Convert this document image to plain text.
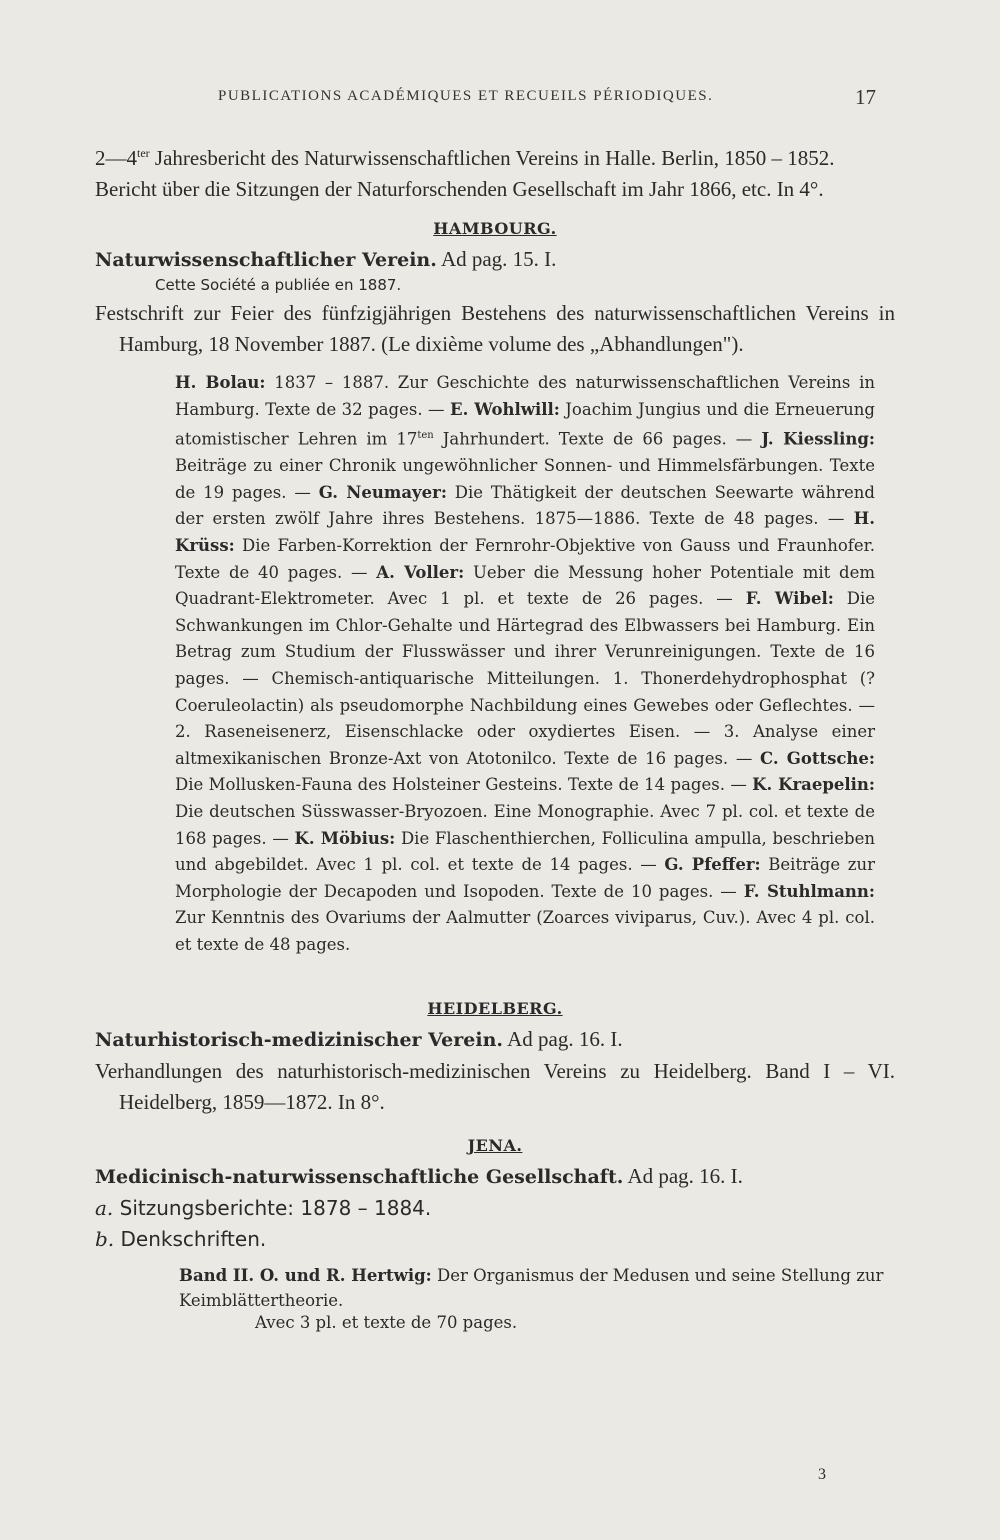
PUBLICATIONS ACADÉMIQUES ET RECUEILS PÉRIODIQUES.	17

$2—4^{ter}$ Jahresbericht des Naturwissenschaftlichen Vereins in Halle. Berlin, 1850 – 1852.

Bericht über die Sitzungen der Naturforschenden Gesellschaft im Jahr 1866, etc. In 4°.

HAMBOURG.

Naturwissenschaftlicher Verein. Ad pag. 15. I.

Cette Société a publiée en 1887.

Festschrift zur Feier des fünfzigjährigen Bestehens des naturwissenschaftlichen Vereins in Hamburg, 18 November 1887. (Le dixième volume des „Abhandlungen").

H. Bolau: 1837 – 1887. Zur Geschichte des naturwissenschaftlichen Vereins in Hamburg. Texte de 32 pages. — E. Wohlwill: Joachim Jungius und die Erneuerung atomistischer Lehren im $17^{ten}$ Jahrhundert. Texte de 66 pages. — J. Kiessling: Beiträge zu einer Chronik ungewöhnlicher Sonnen- und Himmelsfärbungen. Texte de 19 pages. — G. Neumayer: Die Thätigkeit der deutschen Seewarte während der ersten zwölf Jahre ihres Bestehens. 1875—1886. Texte de 48 pages. — H. Krüss: Die Farben-Korrektion der Fernrohr-Objektive von Gauss und Fraunhofer. Texte de 40 pages. — A. Voller: Ueber die Messung hoher Potentiale mit dem Quadrant-Elektrometer. Avec 1 pl. et texte de 26 pages. — F. Wibel: Die Schwankungen im Chlor-Gehalte und Härtegrad des Elbwassers bei Hamburg. Ein Betrag zum Studium der Flusswässer und ihrer Verunreinigungen. Texte de 16 pages. — Chemisch-antiquarische Mitteilungen. 1. Thonerdehydrophosphat (? Coeruleolactin) als pseudomorphe Nachbildung eines Gewebes oder Geflechtes. — 2. Raseneisenerz, Eisenschlacke oder oxydiertes Eisen. — 3. Analyse einer altmexikanischen Bronze-Axt von Atotonilco. Texte de 16 pages. — C. Gottsche: Die Mollusken-Fauna des Holsteiner Gesteins. Texte de 14 pages. — K. Kraepelin: Die deutschen Süsswasser-Bryozoen. Eine Monographie. Avec 7 pl. col. et texte de 168 pages. — K. Möbius: Die Flaschenthierchen, Folliculina ampulla, beschrieben und abgebildet. Avec 1 pl. col. et texte de 14 pages. — G. Pfeffer: Beiträge zur Morphologie der Decapoden und Isopoden. Texte de 10 pages. — F. Stuhlmann: Zur Kenntnis des Ovariums der Aalmutter (Zoarces viviparus, Cuv.). Avec 4 pl. col. et texte de 48 pages.
HEIDELBERG.

Naturhistorisch-medizinischer Verein. Ad pag. 16. I.

Verhandlungen des naturhistorisch-medizinischen Vereins zu Heidelberg. Band I – VI. Heidelberg, 1859—1872. In 8°.

JENA.

Medicinisch-naturwissenschaftliche Gesellschaft. Ad pag. 16. I.

a. Sitzungsberichte: 1878 – 1884.

b. Denkschriften.

Band II. O. und R. Hertwig: Der Organismus der Medusen und seine Stellung zur Keimblättertheorie.
Avec 3 pl. et texte de 70 pages.
3
